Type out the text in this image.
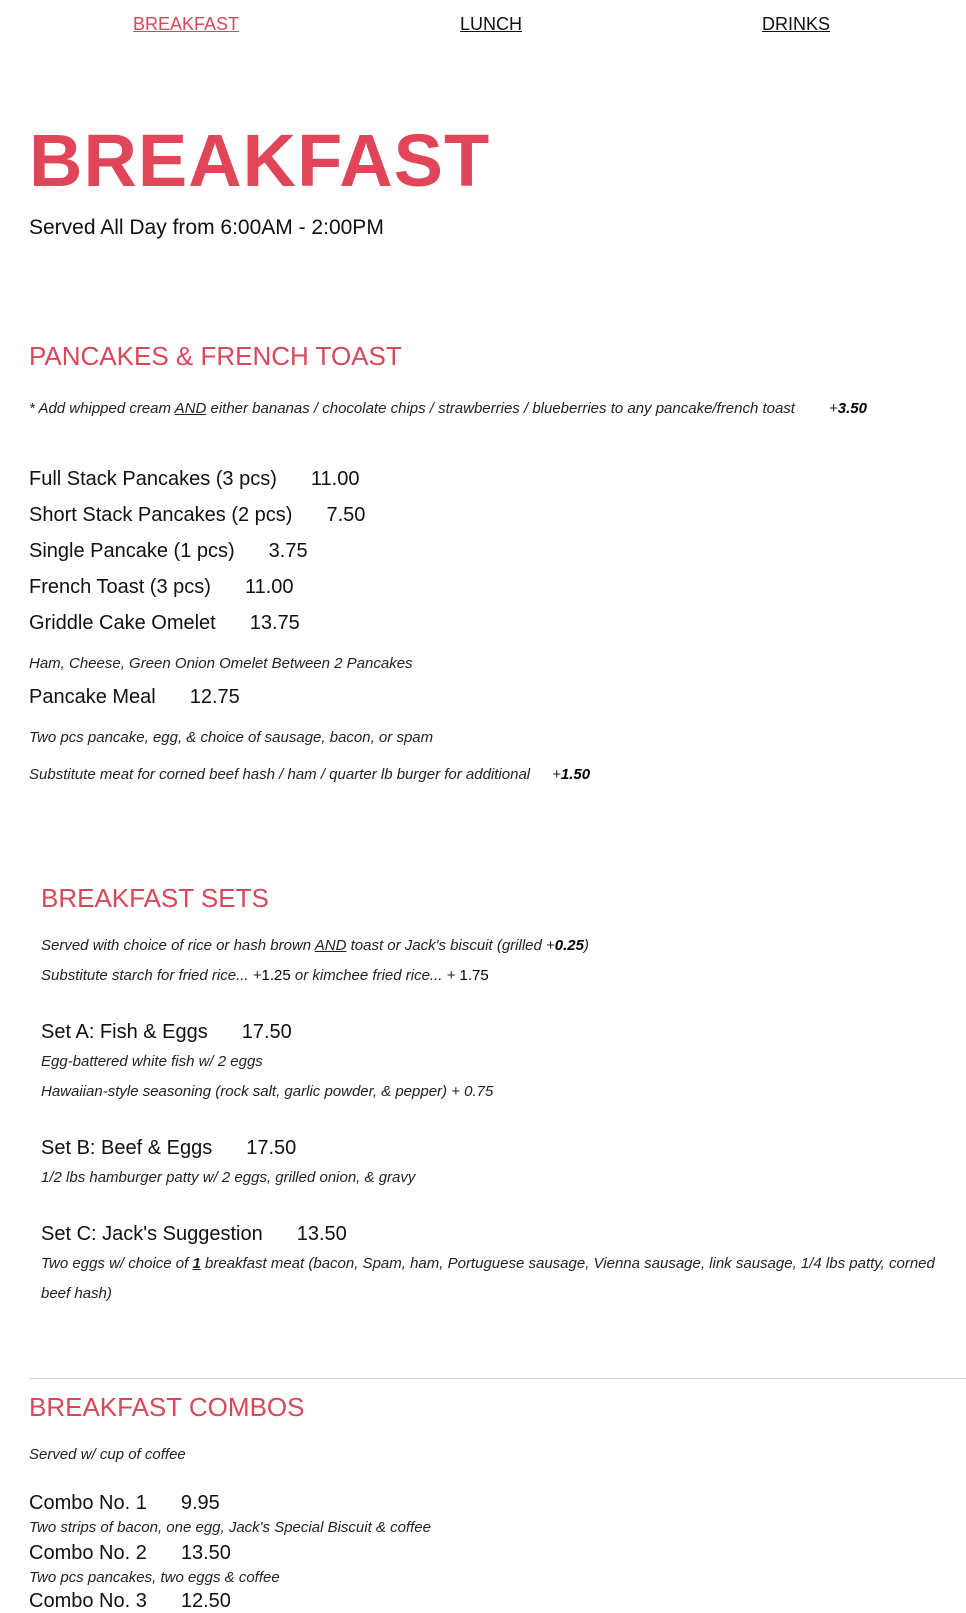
BREAKFAST	LUNCH	DRINKS
BREAKFAST
Served All Day from 6:00AM - 2:00PM
PANCAKES & FRENCH TOAST
* Add whipped cream AND either bananas / chocolate chips / strawberries / blueberries to any pancake/french toast +3.50
Full Stack Pancakes (3 pcs) 11.00
Short Stack Pancakes (2 pcs) 7.50
Single Pancake (1 pcs) 3.75
French Toast (3 pcs) 11.00
Griddle Cake Omelet 13.75
Ham, Cheese, Green Onion Omelet Between 2 Pancakes
Pancake Meal 12.75
Two pcs pancake, egg, & choice of sausage, bacon, or spam
Substitute meat for corned beef hash / ham / quarter lb burger for additional +1.50
BREAKFAST SETS
Served with choice of rice or hash brown AND toast or Jack's biscuit (grilled +0.25)
Substitute starch for fried rice... +1.25 or kimchee fried rice... + 1.75
Set A: Fish & Eggs 17.50
Egg-battered white fish w/ 2 eggs
Hawaiian-style seasoning (rock salt, garlic powder, & pepper) + 0.75
Set B: Beef & Eggs 17.50
1/2 lbs hamburger patty w/ 2 eggs, grilled onion, & gravy
Set C: Jack's Suggestion 13.50
Two eggs w/ choice of 1 breakfast meat (bacon, Spam, ham, Portuguese sausage, Vienna sausage, link sausage, 1/4 lbs patty, corned beef hash)
BREAKFAST COMBOS
Served w/ cup of coffee
Combo No. 1 9.95
Two strips of bacon, one egg, Jack's Special Biscuit & coffee
Combo No. 2 13.50
Two pcs pancakes, two eggs & coffee
Combo No. 3 12.50
